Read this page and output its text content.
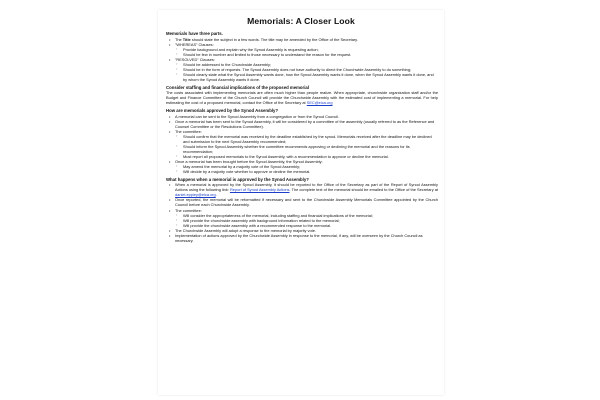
Memorials: A Closer Look
Memorials have three parts.
• The Title should state the subject in a few words. The title may be amended by the Office of the Secretary.
• "WHEREAS" Clauses:
◦ Provide background and explain why the Synod Assembly is requesting action;
◦ Should be few in number and limited to those necessary to understand the reason for the request.
• "RESOLVED" Clauses:
◦ Should be addressed to the Churchwide Assembly;
◦ Should be in the form of requests. The Synod Assembly does not have authority to direct the Churchwide Assembly to do something;
◦ Should clearly state what the Synod Assembly wants done, how the Synod Assembly wants it done, when the Synod Assembly wants it done, and by whom the Synod Assembly wants it done.
Consider staffing and financial implications of the proposed memorial
The costs associated with implementing memorials are often much higher than people realize. When appropriate, churchwide organization staff and/or the Budget and Finance Committee of the Church Council will provide the Churchwide Assembly with the estimated cost of implementing a memorial. For help estimating the cost of a proposed memorial, contact the Office of the Secretary at SEC@elca.org
How are memorials approved by the Synod Assembly?
• A memorial can be sent to the Synod Assembly from a congregation or from the Synod Council.
• Once a memorial has been sent to the Synod Assembly, it will be considered by a committee of the assembly (usually referred to as the Reference and Counsel Committee or the Resolutions Committee).
• The committee:
◦ Should confirm that the memorial was received by the deadline established by the synod. Memorials received after the deadline may be declined and submission to the next Synod Assembly recommended;
◦ Should inform the Synod Assembly whether the committee recommends approving or declining the memorial and the reasons for its recommendation;
◦ Must report all proposed memorials to the Synod Assembly, with a recommendation to approve or decline the memorial.
• Once a memorial has been brought before the Synod Assembly, the Synod Assembly:
◦ May amend the memorial by a majority vote of the Synod Assembly;
◦ Will decide by a majority vote whether to approve or decline the memorial.
What happens when a memorial is approved by the Synod Assembly?
• When a memorial is approved by the Synod Assembly, it should be reported to the Office of the Secretary as part of the Report of Synod Assembly Actions using the following link: Report of Synod Assembly Actions. The complete text of the memorial should be emailed to the Office of the Secretary at daniel.eppley@elca.org.
• Once reported, the memorial will be reformatted if necessary and sent to the Churchwide Assembly Memorials Committee appointed by the Church Council before each Churchwide Assembly.
• The committee:
◦ Will consider the appropriateness of the memorial, including staffing and financial implications of the memorial;
◦ Will provide the churchwide assembly with background information related to the memorial;
◦ Will provide the churchwide assembly with a recommended response to the memorial.
• The Churchwide Assembly will adopt a response to the memorial by majority vote.
• Implementation of actions approved by the Churchwide Assembly in response to the memorial, if any, will be overseen by the Church Council as necessary.
